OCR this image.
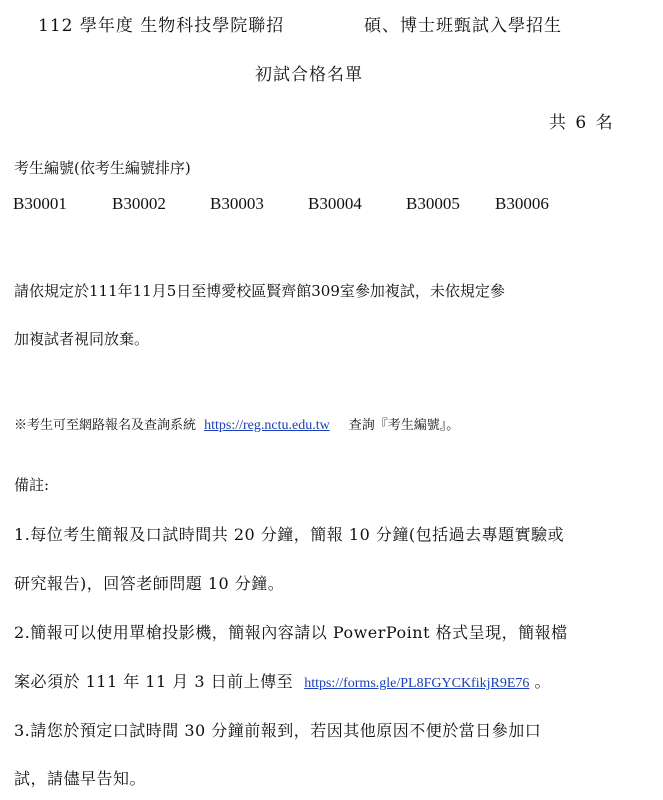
112 學年度 生物科技學院聯招	碩、博士班甄試入學招生
初試合格名單
共 6 名
考生編號(依考生編號排序)
B30001	B30002	B30003	B30004	B30005 B30006
請依規定於111年11月5日至博愛校區賢齊館309室參加複試，未依規定參
加複試者視同放棄。
※考生可至網路報名及查詢系統 https://reg.nctu.edu.tw 查詢『考生編號』。
備註:
1.每位考生簡報及口試時間共 20 分鐘，簡報 10 分鐘(包括過去專題實驗或
研究報告)，回答老師問題 10 分鐘。
2.簡報可以使用單槍投影機，簡報內容請以 PowerPoint 格式呈現，簡報檔
案必須於 111 年 11 月 3 日前上傳至 https://forms.gle/PL8FGYCKfikjR9E76 。
3.請您於預定口試時間 30 分鐘前報到，若因其他原因不便於當日參加口
試，請儘早告知。
